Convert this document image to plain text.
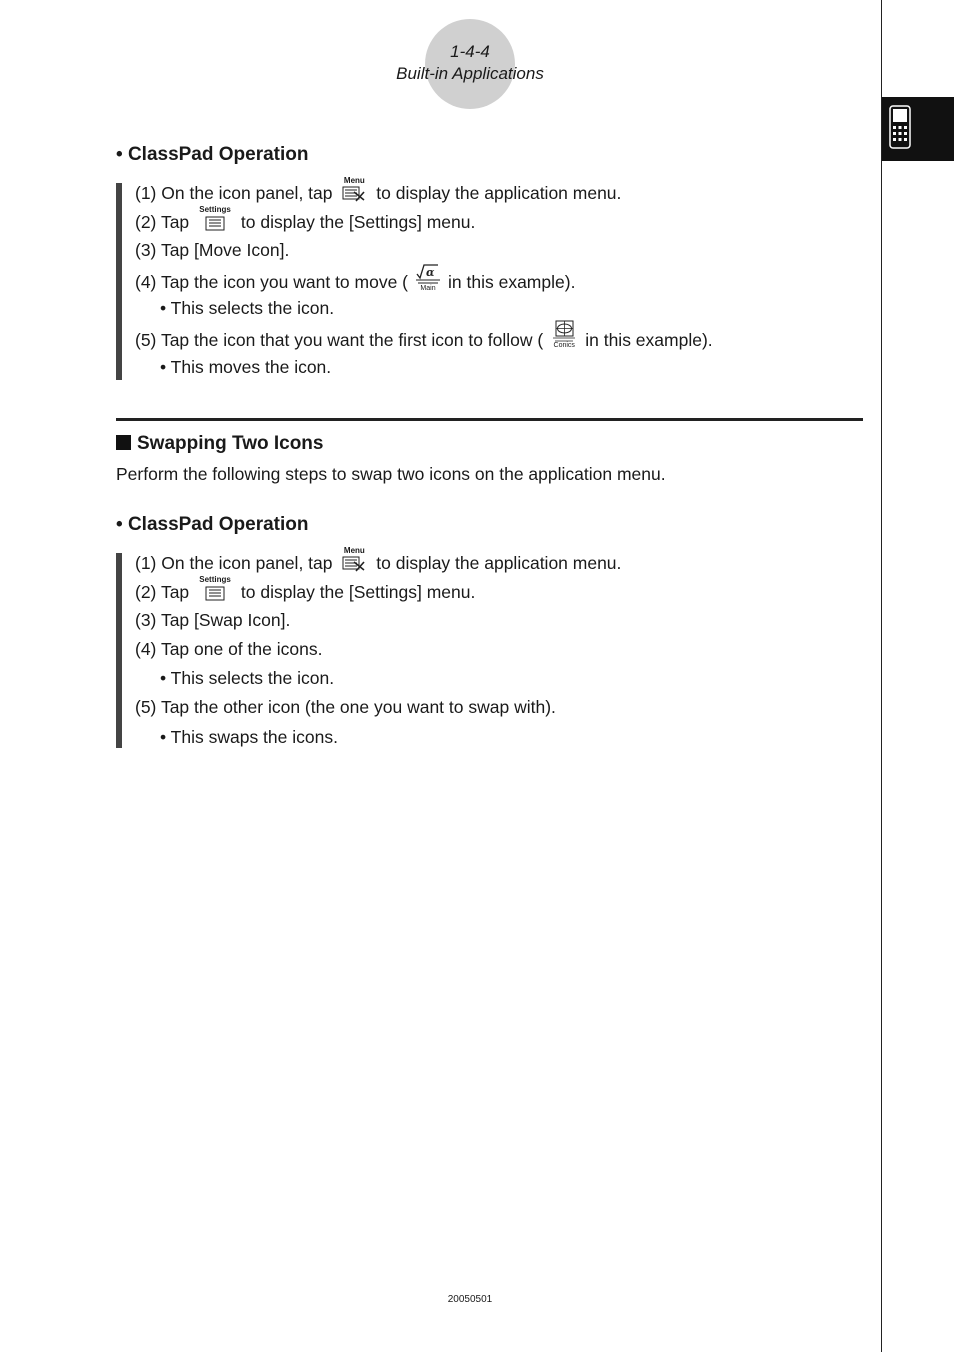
1-4-4
Built-in Applications
• ClassPad Operation
(1) On the icon panel, tap
Menu
to display the application menu.
(2) Tap
Settings
to display the [Settings] menu.
(3) Tap [Move Icon].
(4) Tap the icon you want to move ( α
Main in this example).
• This selects the icon.
(5) Tap the icon that you want the first icon to follow (	Conics in this example).
• This moves the icon.
Swapping Two Icons
Perform the following steps to swap two icons on the application menu.
• ClassPad Operation
(1) On the icon panel, tap
Menu
to display the application menu.
(2) Tap
Settings
to display the [Settings] menu.
(3) Tap [Swap Icon].
(4) Tap one of the icons.
• This selects the icon.
(5) Tap the other icon (the one you want to swap with).
• This swaps the icons.
20050501
